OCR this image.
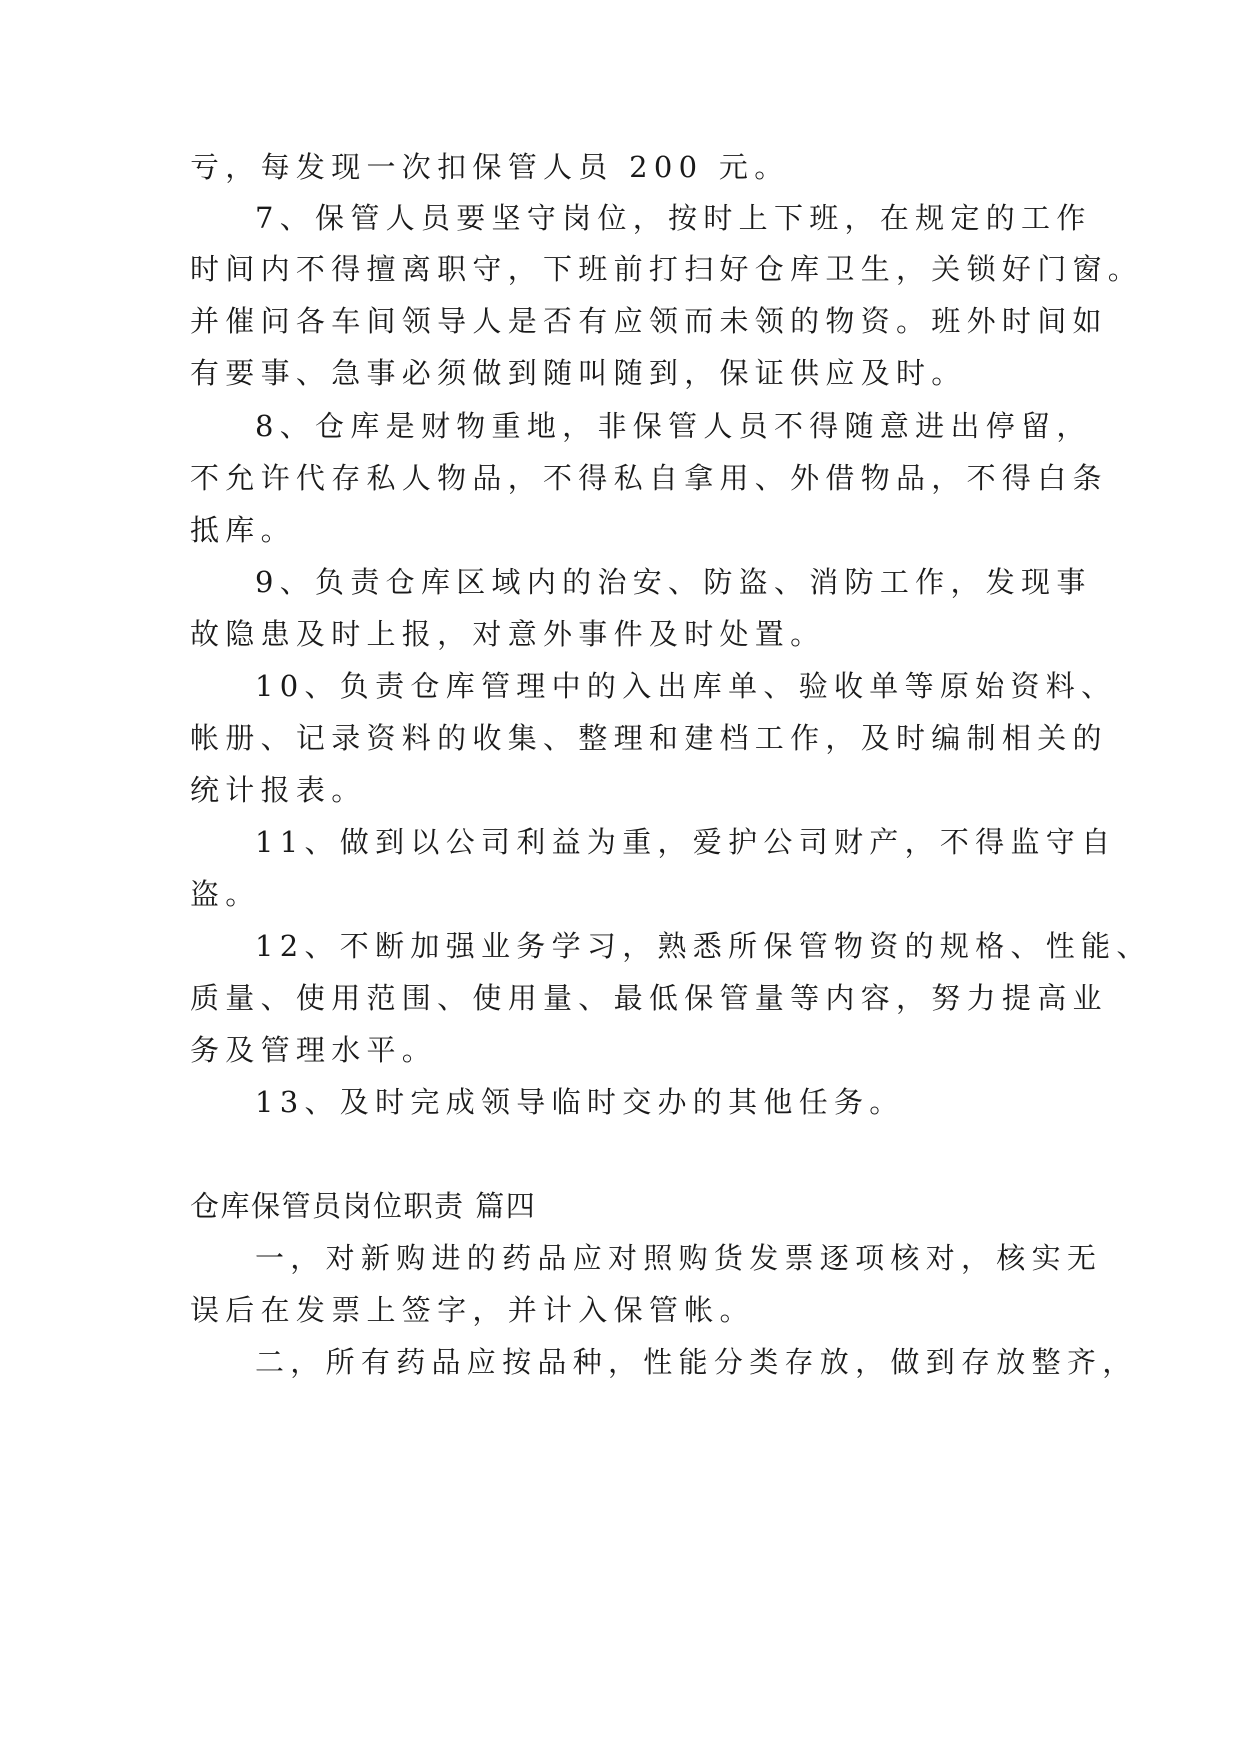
亏，每发现一次扣保管人员 200 元。
7、保管人员要坚守岗位，按时上下班，在规定的工作
时间内不得擅离职守，下班前打扫好仓库卫生，关锁好门窗。
并催问各车间领导人是否有应领而未领的物资。班外时间如
有要事、急事必须做到随叫随到，保证供应及时。
8、仓库是财物重地，非保管人员不得随意进出停留，
不允许代存私人物品，不得私自拿用、外借物品，不得白条
抵库。
9、负责仓库区域内的治安、防盗、消防工作，发现事
故隐患及时上报，对意外事件及时处置。
10、负责仓库管理中的入出库单、验收单等原始资料、
帐册、记录资料的收集、整理和建档工作，及时编制相关的
统计报表。
11、做到以公司利益为重，爱护公司财产，不得监守自
盗。
12、不断加强业务学习，熟悉所保管物资的规格、性能、
质量、使用范围、使用量、最低保管量等内容，努力提高业
务及管理水平。
13、及时完成领导临时交办的其他任务。
仓库保管员岗位职责 篇四
一，对新购进的药品应对照购货发票逐项核对，核实无
误后在发票上签字，并计入保管帐。
二，所有药品应按品种，性能分类存放，做到存放整齐，
